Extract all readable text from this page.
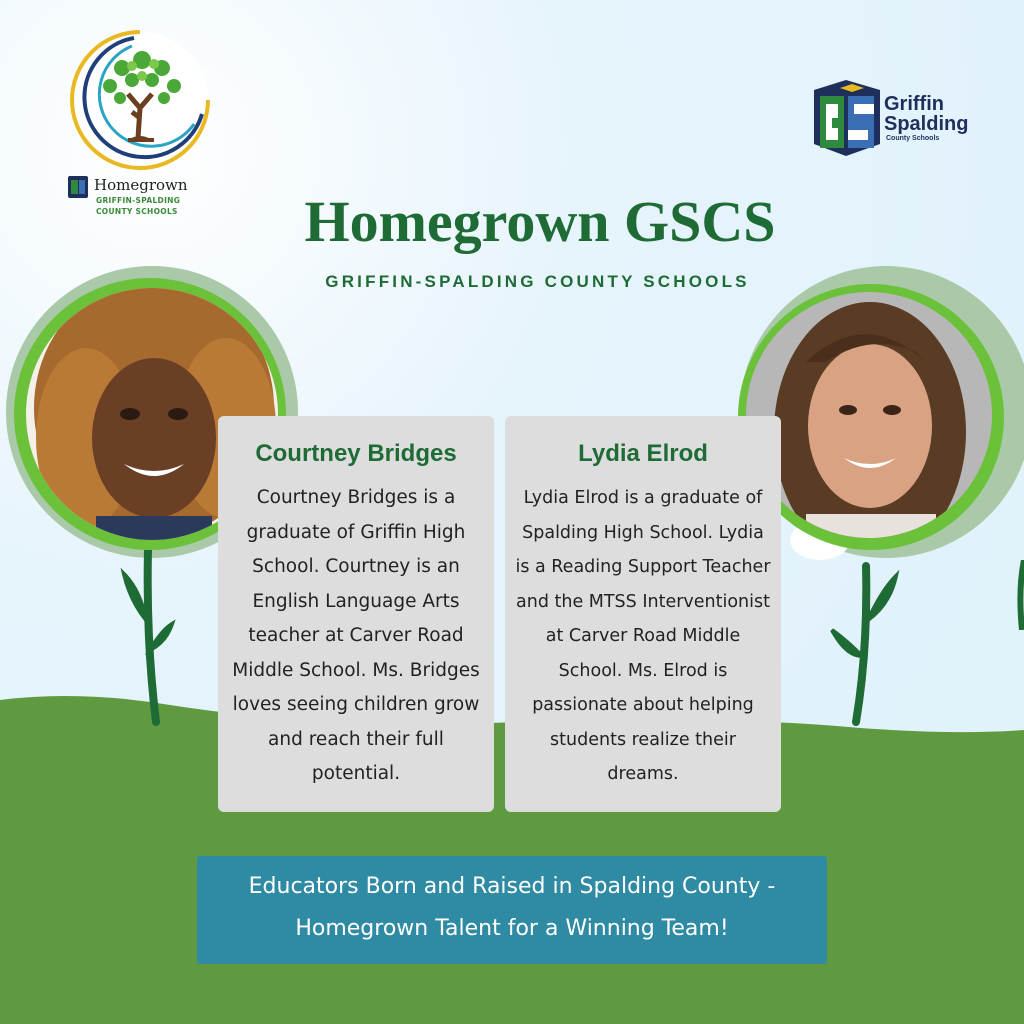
Homegrown
GRIFFIN-SPALDING
COUNTY SCHOOLS
Griffin
Spalding
County Schools
Homegrown GSCS
GRIFFIN-SPALDING COUNTY SCHOOLS
Courtney Bridges
Courtney Bridges is a graduate of Griffin High School. Courtney is an English Language Arts teacher at Carver Road Middle School. Ms. Bridges loves seeing children grow and reach their full potential.
Lydia Elrod
Lydia Elrod is a graduate of Spalding High School. Lydia is a Reading Support Teacher and the MTSS Interventionist at Carver Road Middle School. Ms. Elrod is passionate about helping students realize their dreams.
Educators Born and Raised in Spalding County -
Homegrown Talent for a Winning Team!
